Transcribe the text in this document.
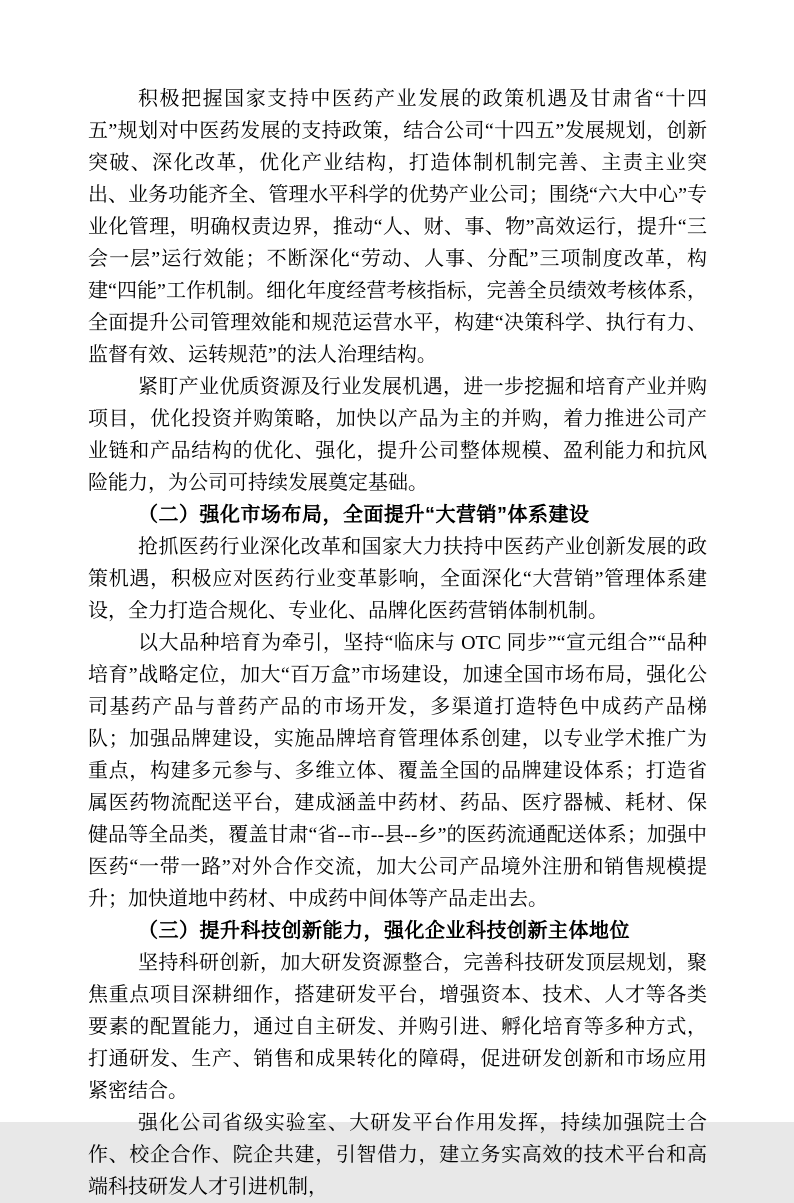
积极把握国家支持中医药产业发展的政策机遇及甘肃省“十四五”规划对中医药发展的支持政策，结合公司“十四五”发展规划，创新突破、深化改革，优化产业结构，打造体制机制完善、主责主业突出、业务功能齐全、管理水平科学的优势产业公司；围绕“六大中心”专业化管理，明确权责边界，推动“人、财、事、物”高效运行，提升“三会一层”运行效能；不断深化“劳动、人事、分配”三项制度改革，构建“四能”工作机制。细化年度经营考核指标，完善全员绩效考核体系，全面提升公司管理效能和规范运营水平，构建“决策科学、执行有力、监督有效、运转规范”的法人治理结构。

紧盯产业优质资源及行业发展机遇，进一步挖掘和培育产业并购项目，优化投资并购策略，加快以产品为主的并购，着力推进公司产业链和产品结构的优化、强化，提升公司整体规模、盈利能力和抗风险能力，为公司可持续发展奠定基础。

（二）强化市场布局，全面提升“大营销”体系建设

抢抓医药行业深化改革和国家大力扶持中医药产业创新发展的政策机遇，积极应对医药行业变革影响，全面深化“大营销”管理体系建设，全力打造合规化、专业化、品牌化医药营销体制机制。

以大品种培育为牵引，坚持“临床与 OTC 同步”“宣元组合”“品种培育”战略定位，加大“百万盒”市场建设，加速全国市场布局，强化公司基药产品与普药产品的市场开发，多渠道打造特色中成药产品梯队；加强品牌建设，实施品牌培育管理体系创建，以专业学术推广为重点，构建多元参与、多维立体、覆盖全国的品牌建设体系；打造省属医药物流配送平台，建成涵盖中药材、药品、医疗器械、耗材、保健品等全品类，覆盖甘肃“省--市--县--乡”的医药流通配送体系；加强中医药“一带一路”对外合作交流，加大公司产品境外注册和销售规模提升；加快道地中药材、中成药中间体等产品走出去。

（三）提升科技创新能力，强化企业科技创新主体地位

坚持科研创新，加大研发资源整合，完善科技研发顶层规划，聚焦重点项目深耕细作，搭建研发平台，增强资本、技术、人才等各类要素的配置能力，通过自主研发、并购引进、孵化培育等多种方式，打通研发、生产、销售和成果转化的障碍，促进研发创新和市场应用紧密结合。

强化公司省级实验室、大研发平台作用发挥，持续加强院士合作、校企合作、院企共建，引智借力，建立务实高效的技术平台和高端科技研发人才引进机制，
